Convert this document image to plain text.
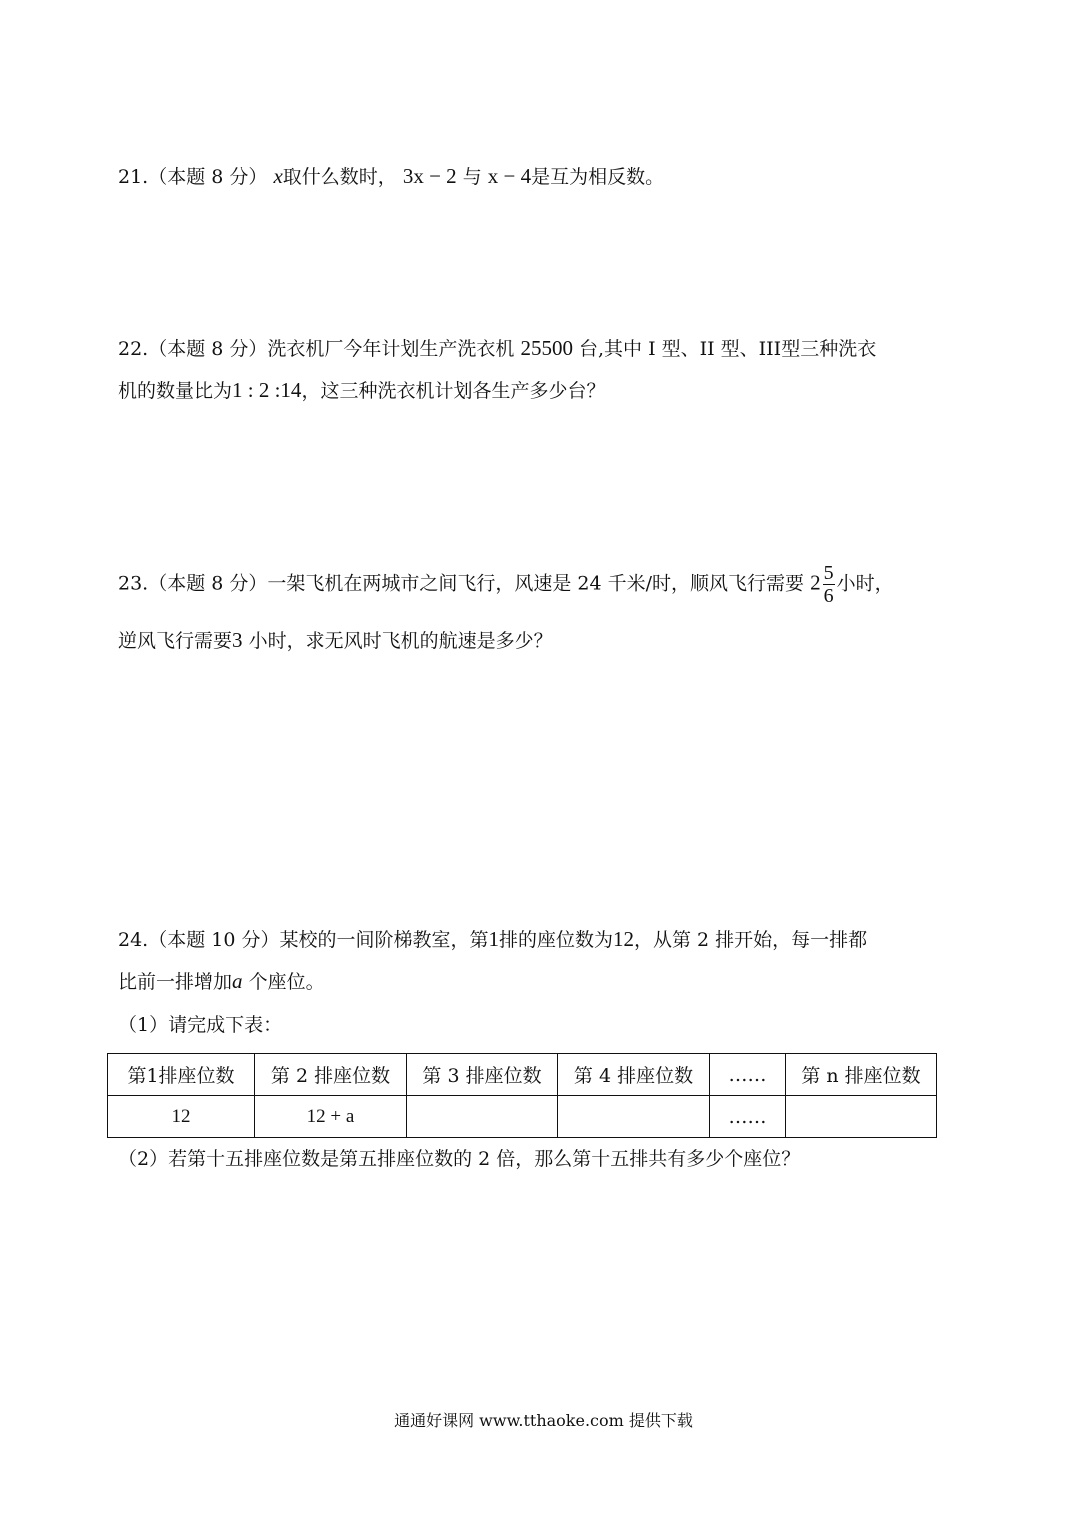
21.（本题 8 分） x取什么数时， 3x − 2 与 x − 4是互为相反数。
22.（本题 8 分）洗衣机厂今年计划生产洗衣机 25500 台,其中 I 型、II 型、III型三种洗衣
机的数量比为1 : 2 :14，这三种洗衣机计划各生产多少台？
23.（本题 8 分）一架飞机在两城市之间飞行，风速是 24 千米/时，顺风飞行需要 $2 \frac{5}{6}$ 小时，
逆风飞行需要3 小时，求无风时飞机的航速是多少？
24.（本题 10 分）某校的一间阶梯教室，第1排的座位数为12，从第 2 排开始，每一排都
比前一排增加a 个座位。
（1）请完成下表：
第1排座位数	第 2 排座位数	第 3 排座位数	第 4 排座位数	……	第 n 排座位数
12	12 + a			……	
（2）若第十五排座位数是第五排座位数的 2 倍，那么第十五排共有多少个座位？
通通好课网 www.tthaoke.com 提供下载
